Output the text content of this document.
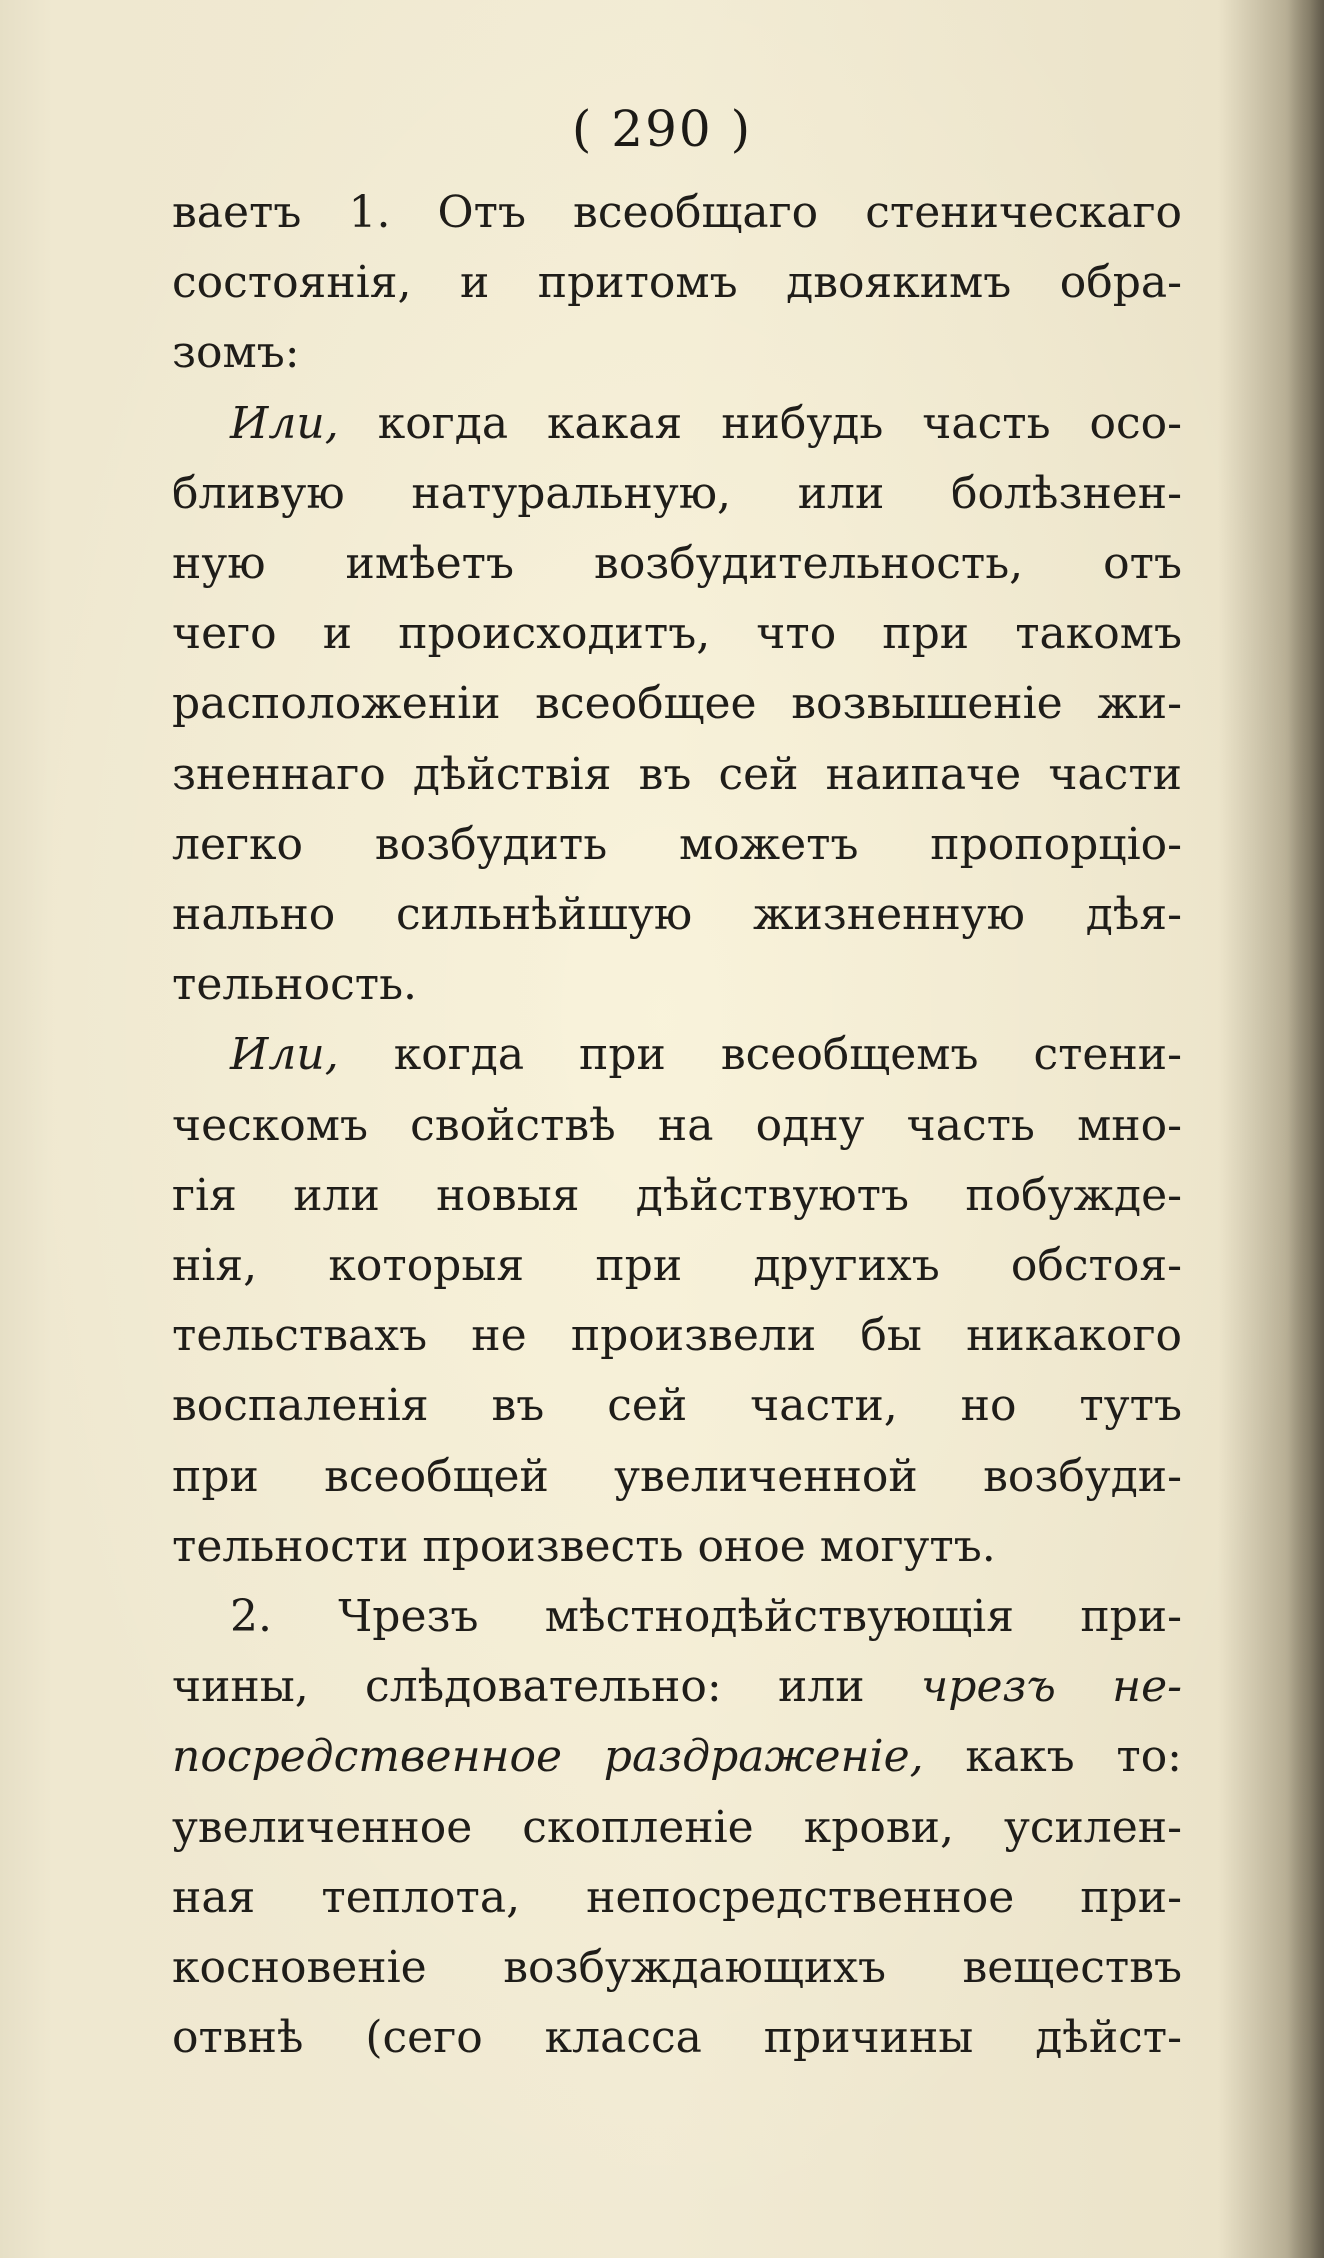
( 290 )
ваетъ 1. Отъ всеобщаго стеническаго
состоянія, и притомъ двоякимъ обра-
зомъ:
Или, когда какая нибудь часть осо-
бливую натуральную, или болѣзнен-
ную имѣетъ возбудительность, отъ
чего и происходитъ, что при такомъ
расположеніи всеобщее возвышеніе жи-
зненнаго дѣйствія въ сей наипаче части
легко возбудить можетъ пропорціо-
нально сильнѣйшую жизненную дѣя-
тельность.
Или, когда при всеобщемъ стени-
ческомъ свойствѣ на одну часть мно-
гія или новыя дѣйствуютъ побужде-
нія, которыя при другихъ обстоя-
тельствахъ не произвели бы никакого
воспаленія въ сей части, но тутъ
при всеобщей увеличенной возбуди-
тельности произвесть оное могутъ.
2. Чрезъ мѣстнодѣйствующія при-
чины, слѣдовательно: или чрезъ не-
посредственное раздраженіе, какъ то:
увеличенное скопленіе крови, усилен-
ная теплота, непосредственное при-
косновеніе возбуждающихъ веществъ
отвнѣ (сего класса причины дѣйст-
